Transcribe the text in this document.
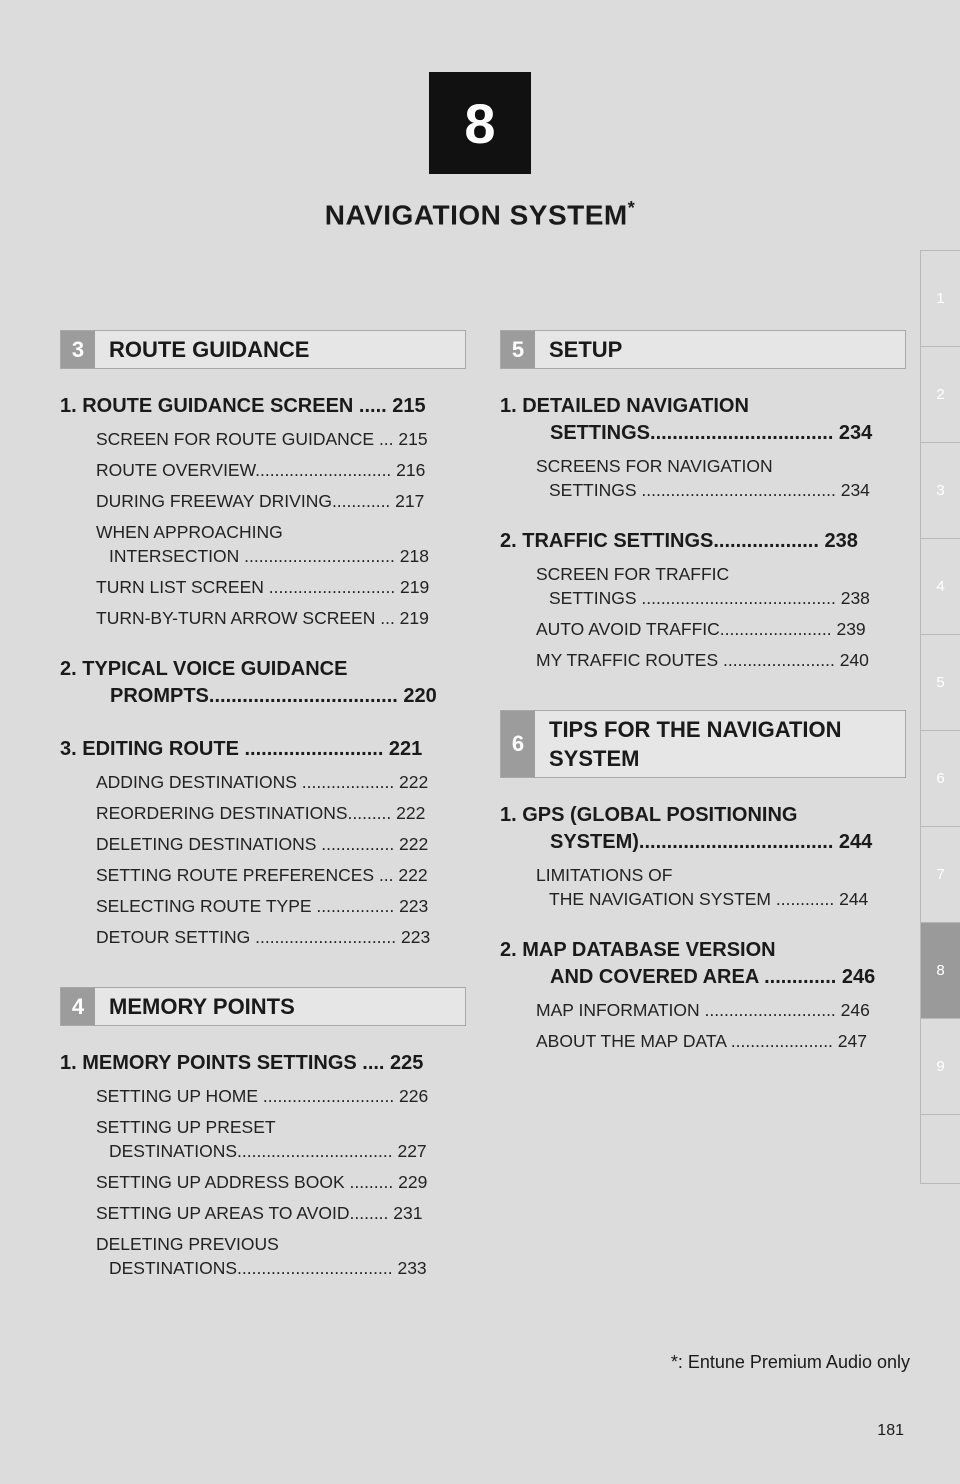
8
NAVIGATION SYSTEM*
1
2
3
4
5
6
7
8
9
3	ROUTE GUIDANCE
1. ROUTE GUIDANCE SCREEN ..... 215
SCREEN FOR ROUTE GUIDANCE ... 215
ROUTE OVERVIEW............................ 216
DURING FREEWAY DRIVING............ 217
WHEN APPROACHING
INTERSECTION ............................... 218
TURN LIST SCREEN .......................... 219
TURN-BY-TURN ARROW SCREEN ... 219
2. TYPICAL VOICE GUIDANCE
PROMPTS.................................. 220
3. EDITING ROUTE ......................... 221
ADDING DESTINATIONS ................... 222
REORDERING DESTINATIONS......... 222
DELETING DESTINATIONS ............... 222
SETTING ROUTE PREFERENCES ... 222
SELECTING ROUTE TYPE ................ 223
DETOUR SETTING ............................. 223
4	MEMORY POINTS
1. MEMORY POINTS SETTINGS .... 225
SETTING UP HOME ........................... 226
SETTING UP PRESET
DESTINATIONS................................ 227
SETTING UP ADDRESS BOOK ......... 229
SETTING UP AREAS TO AVOID........ 231
DELETING PREVIOUS
DESTINATIONS................................ 233
5	SETUP
1. DETAILED NAVIGATION
SETTINGS................................. 234
SCREENS FOR NAVIGATION
SETTINGS ........................................ 234
2. TRAFFIC SETTINGS................... 238
SCREEN FOR TRAFFIC
SETTINGS ........................................ 238
AUTO AVOID TRAFFIC....................... 239
MY TRAFFIC ROUTES ....................... 240
6
TIPS FOR THE NAVIGATION
SYSTEM
1. GPS (GLOBAL POSITIONING
SYSTEM)................................... 244
LIMITATIONS OF
THE NAVIGATION SYSTEM ............ 244
2. MAP DATABASE VERSION
AND COVERED AREA ............. 246
MAP INFORMATION ........................... 246
ABOUT THE MAP DATA ..................... 247
*: Entune Premium Audio only
181
